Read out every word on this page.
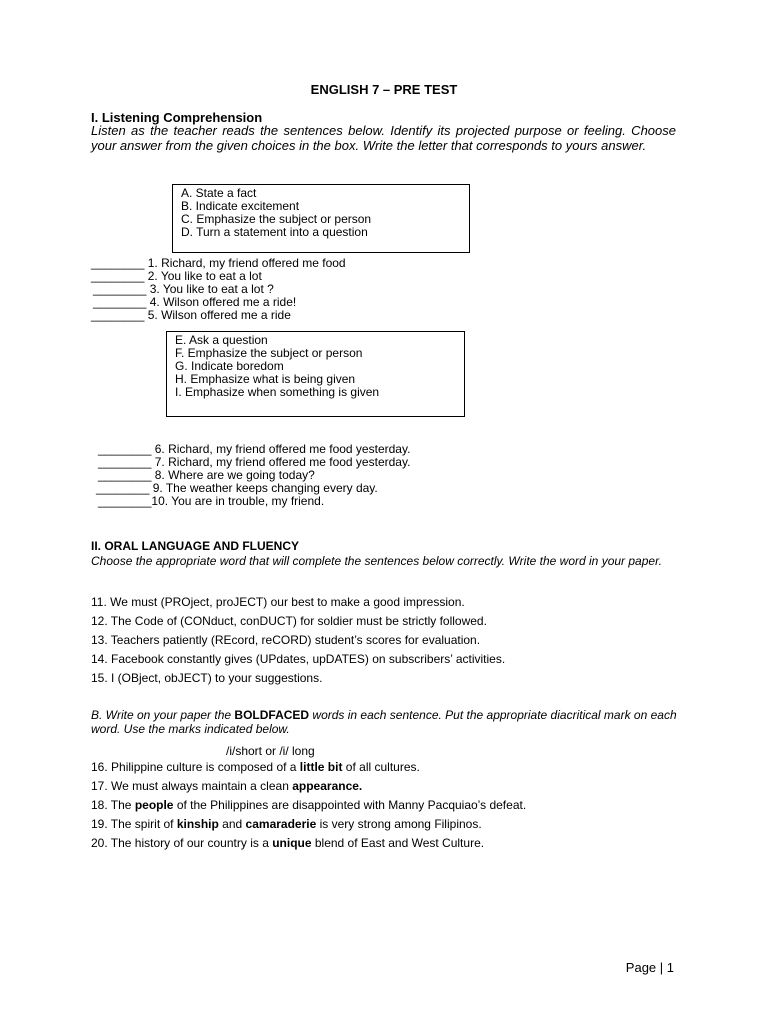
ENGLISH 7 – PRE TEST
I. Listening Comprehension
Listen as the teacher reads the sentences below. Identify its projected purpose or feeling. Choose your answer from the given choices in the box. Write the letter that corresponds to yours answer.
A. State a fact
B. Indicate excitement
C. Emphasize the subject or person
D. Turn a statement into a question
________ 1. Richard, my friend offered me food
________ 2. You like to eat a lot
________ 3. You like to eat a lot ?
________ 4. Wilson offered me a ride!
________ 5. Wilson offered me a ride
E. Ask a question
F. Emphasize the subject or person
G. Indicate boredom
H. Emphasize what is being given
I. Emphasize when something is given
________ 6. Richard, my friend offered me food yesterday.
________ 7. Richard, my friend offered me food yesterday.
________ 8. Where are we going today?
________ 9. The weather keeps changing every day.
________10. You are in trouble, my friend.
II. ORAL LANGUAGE AND FLUENCY
Choose the appropriate word that will complete the sentences below correctly. Write the word in your paper.
11. We must (PROject, proJECT) our best to make a good impression.
12. The Code of (CONduct, conDUCT) for soldier must be strictly followed.
13. Teachers patiently (REcord, reCORD) student’s scores for evaluation.
14. Facebook constantly gives (UPdates, upDATES) on subscribers’ activities.
15. I (OBject, obJECT) to your suggestions.
B. Write on your paper the BOLDFACED words in each sentence. Put the appropriate diacritical mark on each word. Use the marks indicated below.
/i/short or /i/ long
16. Philippine culture is composed of a little bit of all cultures.
17. We must always maintain a clean appearance.
18. The people of the Philippines are disappointed with Manny Pacquiao’s defeat.
19. The spirit of kinship and camaraderie is very strong among Filipinos.
20. The history of our country is a unique blend of East and West Culture.
Page | 1
